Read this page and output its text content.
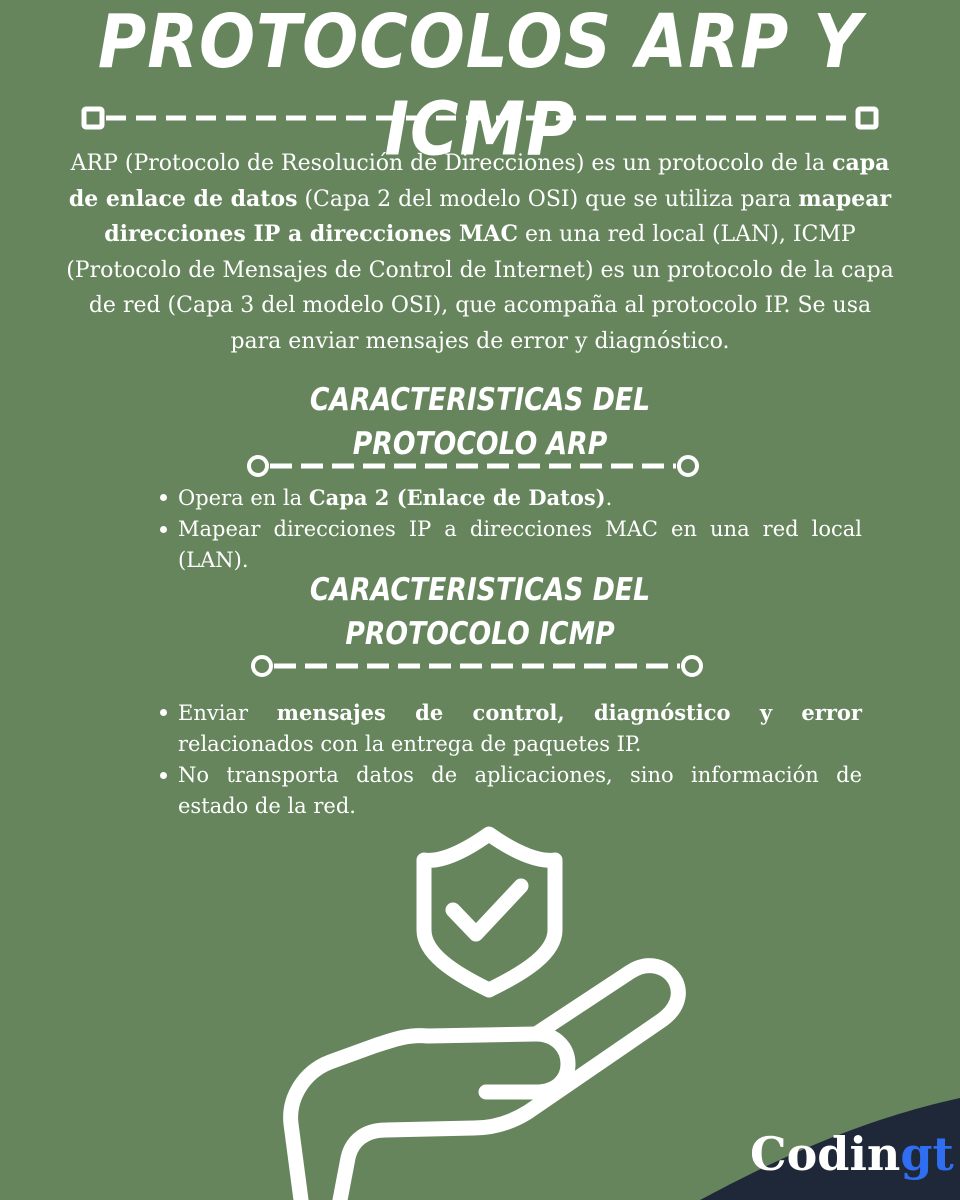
PROTOCOLOS ARP Y ICMP
ARP (Protocolo de Resolución de Direcciones) es un protocolo de la capa de enlace de datos (Capa 2 del modelo OSI) que se utiliza para mapear direcciones IP a direcciones MAC en una red local (LAN), ICMP (Protocolo de Mensajes de Control de Internet) es un protocolo de la capa de red (Capa 3 del modelo OSI), que acompaña al protocolo IP. Se usa para enviar mensajes de error y diagnóstico.
CARACTERISTICAS DEL
PROTOCOLO ARP
Opera en la Capa 2 (Enlace de Datos).
Mapear direcciones IP a direcciones MAC en una red local (LAN).
CARACTERISTICAS DEL
PROTOCOLO ICMP
Enviar mensajes de control, diagnóstico y error relacionados con la entrega de paquetes IP.
No transporta datos de aplicaciones, sino información de estado de la red.
Codingt
